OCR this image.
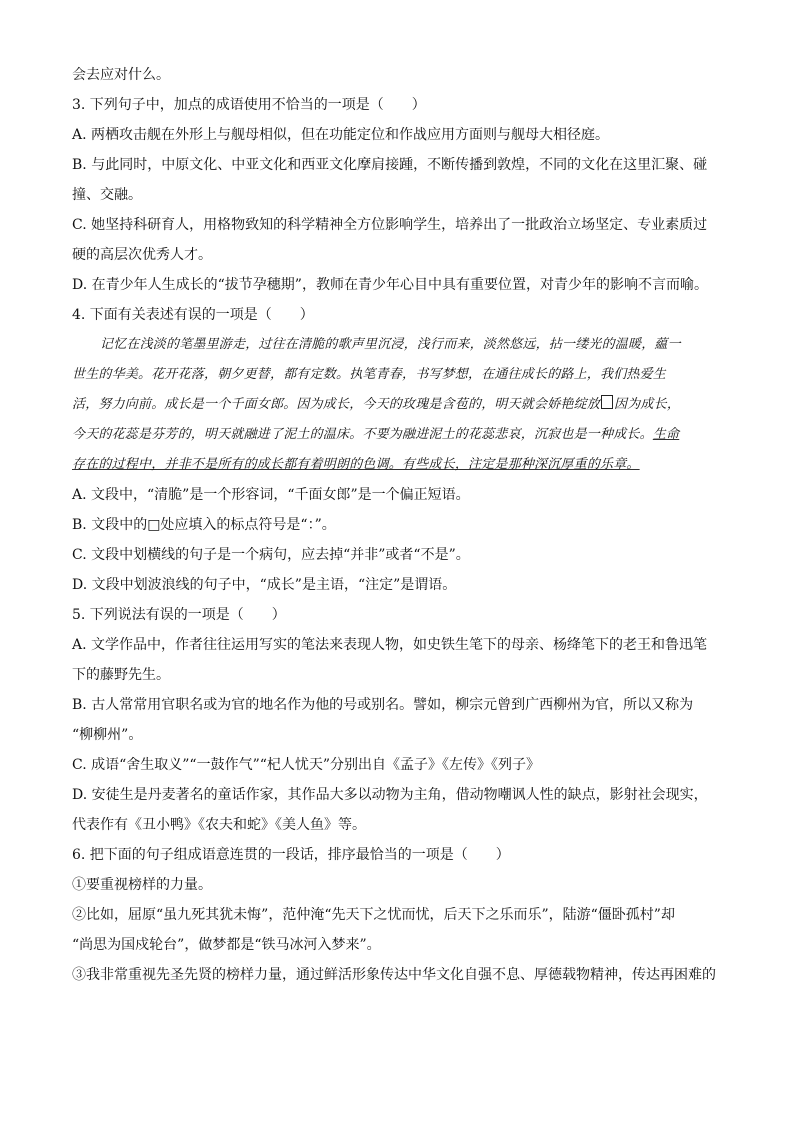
会去应对什么。
3. 下列句子中，加点的成语使用不恰当的一项是（　　）
A. 两栖攻击舰在外形上与舰母相似，但在功能定位和作战应用方面则与舰母大相径庭。
B. 与此同时，中原文化、中亚文化和西亚文化摩肩接踵，不断传播到敦煌，不同的文化在这里汇聚、碰
撞、交融。
C. 她坚持科研育人，用格物致知的科学精神全方位影响学生，培养出了一批政治立场坚定、专业素质过
硬的高层次优秀人才。
D. 在青少年人生成长的“拔节孕穗期”，教师在青少年心目中具有重要位置，对青少年的影响不言而喻。
4. 下面有关表述有误的一项是（　　）
记忆在浅淡的笔墨里游走，过往在清脆的歌声里沉浸，浅行而来，淡然悠远，拈一缕光的温暖，藴一
世生的华美。花开花落，朝夕更替，都有定数。执笔青春，书写梦想，在通往成长的路上，我们热爱生
活，努力向前。成长是一个千面女郎。因为成长，今天的玫瑰是含苞的，明天就会娇艳绽放 因为成长，
今天的花蕊是芬芳的，明天就融进了泥土的温床。不要为融进泥土的花蕊悲哀，沉寂也是一种成长。生命
存在的过程中，并非不是所有的成长都有着明朗的色调。有些成长，注定是那种深沉厚重的乐章。
A. 文段中，“清脆”是一个形容词，“千面女郎”是一个偏正短语。
B. 文段中的□处应填入的标点符号是“：”。
C. 文段中划横线的句子是一个病句，应去掉“并非”或者“不是”。
D. 文段中划波浪线的句子中，“成长”是主语，“注定”是谓语。
5. 下列说法有误的一项是（　　）
A. 文学作品中，作者往往运用写实的笔法来表现人物，如史铁生笔下的母亲、杨绛笔下的老王和鲁迅笔
下的藤野先生。
B. 古人常常用官职名或为官的地名作为他的号或别名。譬如，柳宗元曾到广西柳州为官，所以又称为
“柳柳州”。
C. 成语“舍生取义”“一鼓作气”“杞人忧天”分别出自《孟子》《左传》《列子》
D. 安徒生是丹麦著名的童话作家，其作品大多以动物为主角，借动物嘲讽人性的缺点，影射社会现实，
代表作有《丑小鸭》《农夫和蛇》《美人鱼》等。
6. 把下面的句子组成语意连贯的一段话，排序最恰当的一项是（　　）
①要重视榜样的力量。
②比如，屈原“虽九死其犹未悔”，范仲淹“先天下之忧而忧，后天下之乐而乐”，陆游“僵卧孤村”却
“尚思为国戍轮台”，做梦都是“铁马冰河入梦来”。
③我非常重视先圣先贤的榜样力量，通过鲜活形象传达中华文化自强不息、厚德载物精神，传达再困难的
